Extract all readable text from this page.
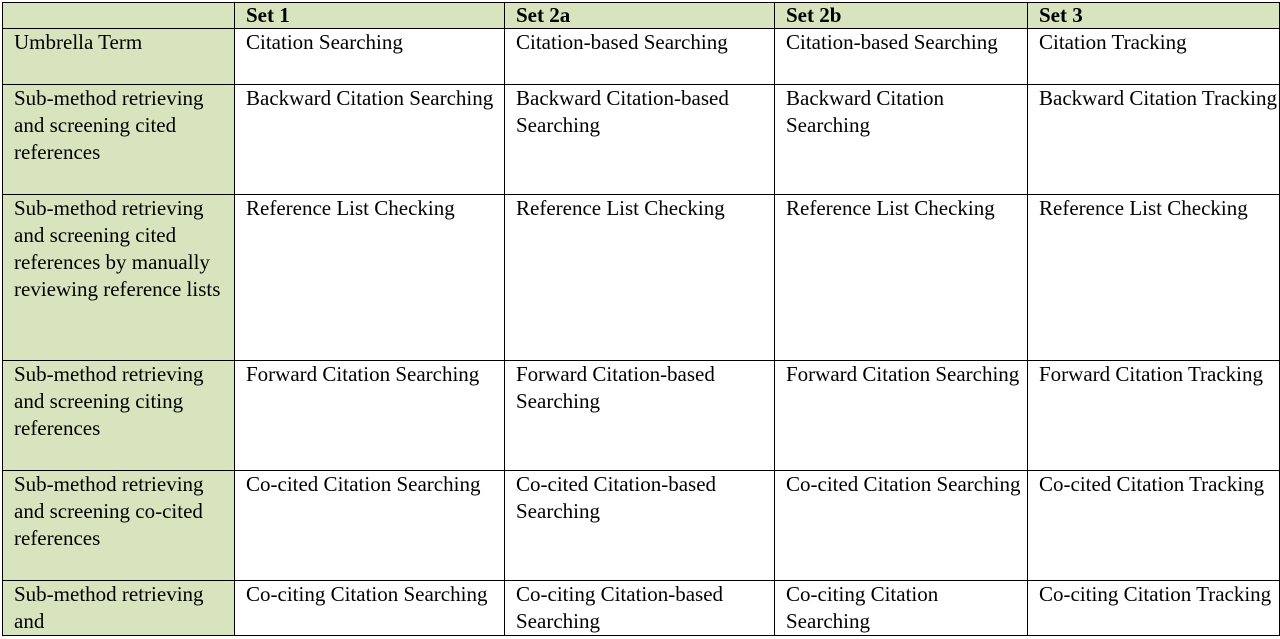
	Set 1	Set 2a	Set 2b	Set 3
Umbrella Term	Citation Searching	Citation-based Searching	Citation-based Searching	Citation Tracking
Sub-method retrieving and screening cited references	Backward Citation Searching	Backward Citation-based Searching	Backward Citation Searching	Backward Citation Tracking
Sub-method retrieving and screening cited references by manually reviewing reference lists	Reference List Checking	Reference List Checking	Reference List Checking	Reference List Checking
Sub-method retrieving and screening citing references	Forward Citation Searching	Forward Citation-based Searching	Forward Citation Searching	Forward Citation Tracking
Sub-method retrieving and screening co-cited references	Co-cited Citation Searching	Co-cited Citation-based Searching	Co-cited Citation Searching	Co-cited Citation Tracking
Sub-method retrieving and	Co-citing Citation Searching	Co-citing Citation-based Searching	Co-citing Citation Searching	Co-citing Citation Tracking
